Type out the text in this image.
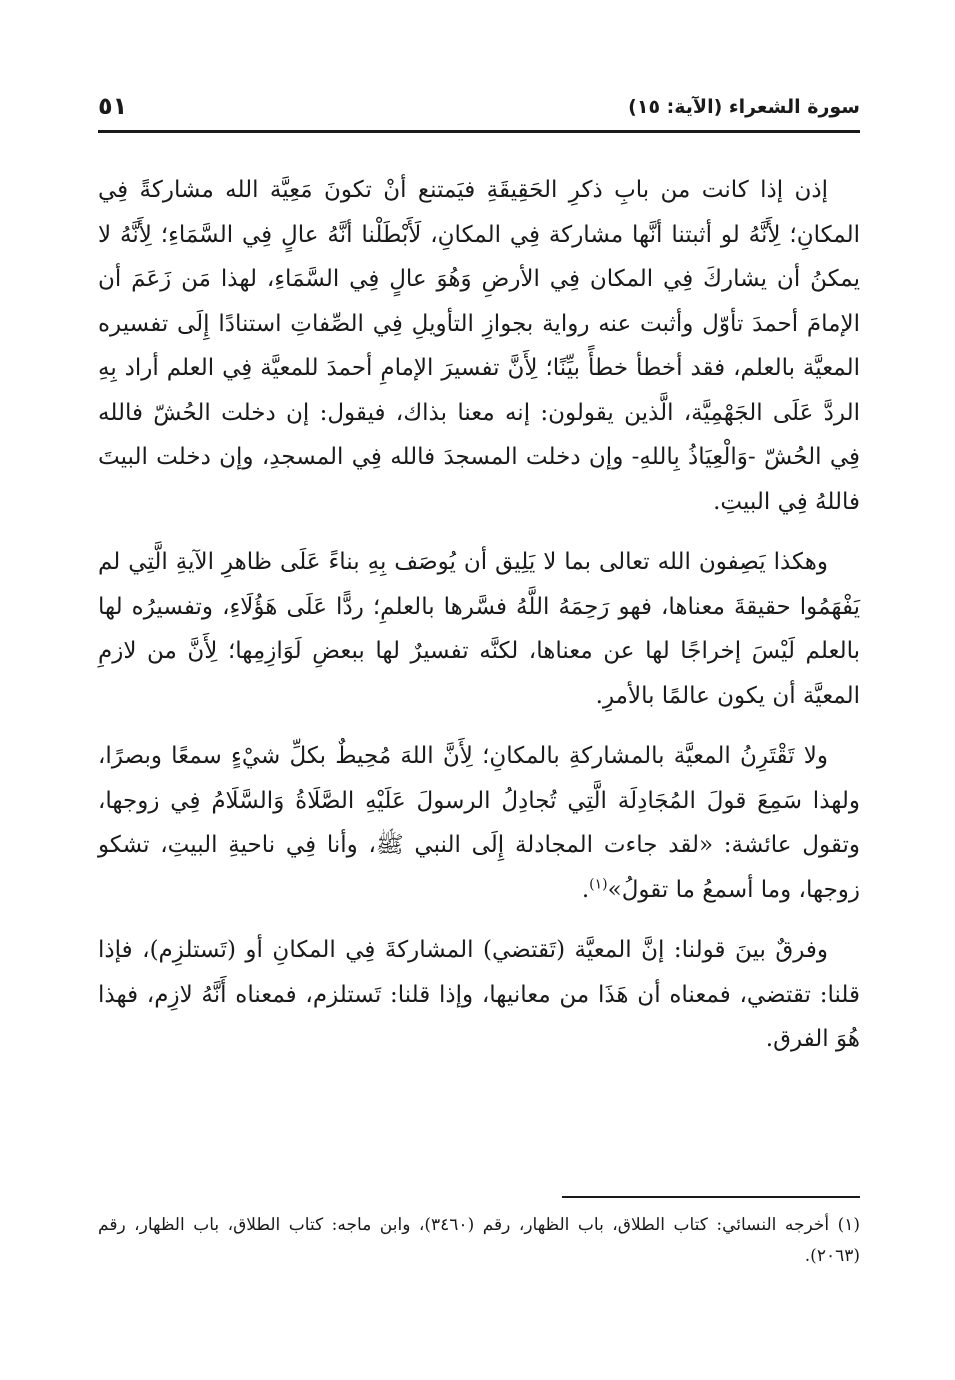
سورة الشعراء (الآية: ١٥)
٥١

إذن إذا كانت من بابِ ذكرِ الحَقِيقَةِ فيَمتنع أنْ تكونَ مَعِيَّة الله مشاركةً فِي المكانِ؛ لِأَنَّهُ لو أثبتنا أنَّها مشاركة فِي المكانِ، لَأَبْطَلْنا أنَّهُ عالٍ فِي السَّمَاءِ؛ لِأَنَّهُ لا يمكنُ أن يشاركَ فِي المكان فِي الأرضِ وَهُوَ عالٍ فِي السَّمَاءِ، لهذا مَن زَعَمَ أن الإمامَ أحمدَ تأوّل وأثبت عنه رواية بجوازِ التأويلِ فِي الصِّفاتِ استنادًا إِلَى تفسيره المعيَّة بالعلم، فقد أخطأ خطأً بيِّنًا؛ لِأَنَّ تفسيرَ الإمامِ أحمدَ للمعيَّة فِي العلم أراد بِهِ الردَّ عَلَى الجَهْمِيَّة، الَّذين يقولون: إنه معنا بذاك، فيقول: إن دخلت الحُشّ فالله فِي الحُشّ -وَالْعِيَاذُ بِاللهِ- وإن دخلت المسجدَ فالله فِي المسجدِ، وإن دخلت البيتَ فاللهُ فِي البيتِ.

وهكذا يَصِفون الله تعالى بما لا يَلِيق أن يُوصَف بِهِ بناءً عَلَى ظاهرِ الآيةِ الَّتِي لم يَفْهَمُوا حقيقةَ معناها، فهو رَحِمَهُ اللَّهُ فسَّرها بالعلمِ؛ ردًّا عَلَى هَؤُلَاءِ، وتفسيرُه لها بالعلم لَيْسَ إخراجًا لها عن معناها، لكنَّه تفسيرٌ لها ببعضِ لَوَازِمِها؛ لِأَنَّ من لازمِ المعيَّة أن يكون عالمًا بالأمرِ.

ولا تَقْتَرِنُ المعيَّة بالمشاركةِ بالمكانِ؛ لِأَنَّ اللهَ مُحِيطٌ بكلِّ شيْءٍ سمعًا وبصرًا، ولهذا سَمِعَ قولَ المُجَادِلَة الَّتِي تُجادِلُ الرسولَ عَلَيْهِ الصَّلَاةُ وَالسَّلَامُ فِي زوجها، وتقول عائشة: «لقد جاءت المجادلة إِلَى النبي ﷺ، وأنا فِي ناحيةِ البيتِ، تشكو زوجها، وما أسمعُ ما تقولُ»$^{(١)}$.

وفرقٌ بينَ قولنا: إنَّ المعيَّة (تَقتضي) المشاركةَ فِي المكانِ أو (تَستلزِم)، فإذا قلنا: تقتضي، فمعناه أن هَذَا من معانيها، وإذا قلنا: تَستلزم، فمعناه أَنَّهُ لازِم، فهذا هُوَ الفرق.

(١) أخرجه النسائي: كتاب الطلاق، باب الظهار، رقم (٣٤٦٠)، وابن ماجه: كتاب الطلاق، باب الظهار، رقم (٢٠٦٣).
